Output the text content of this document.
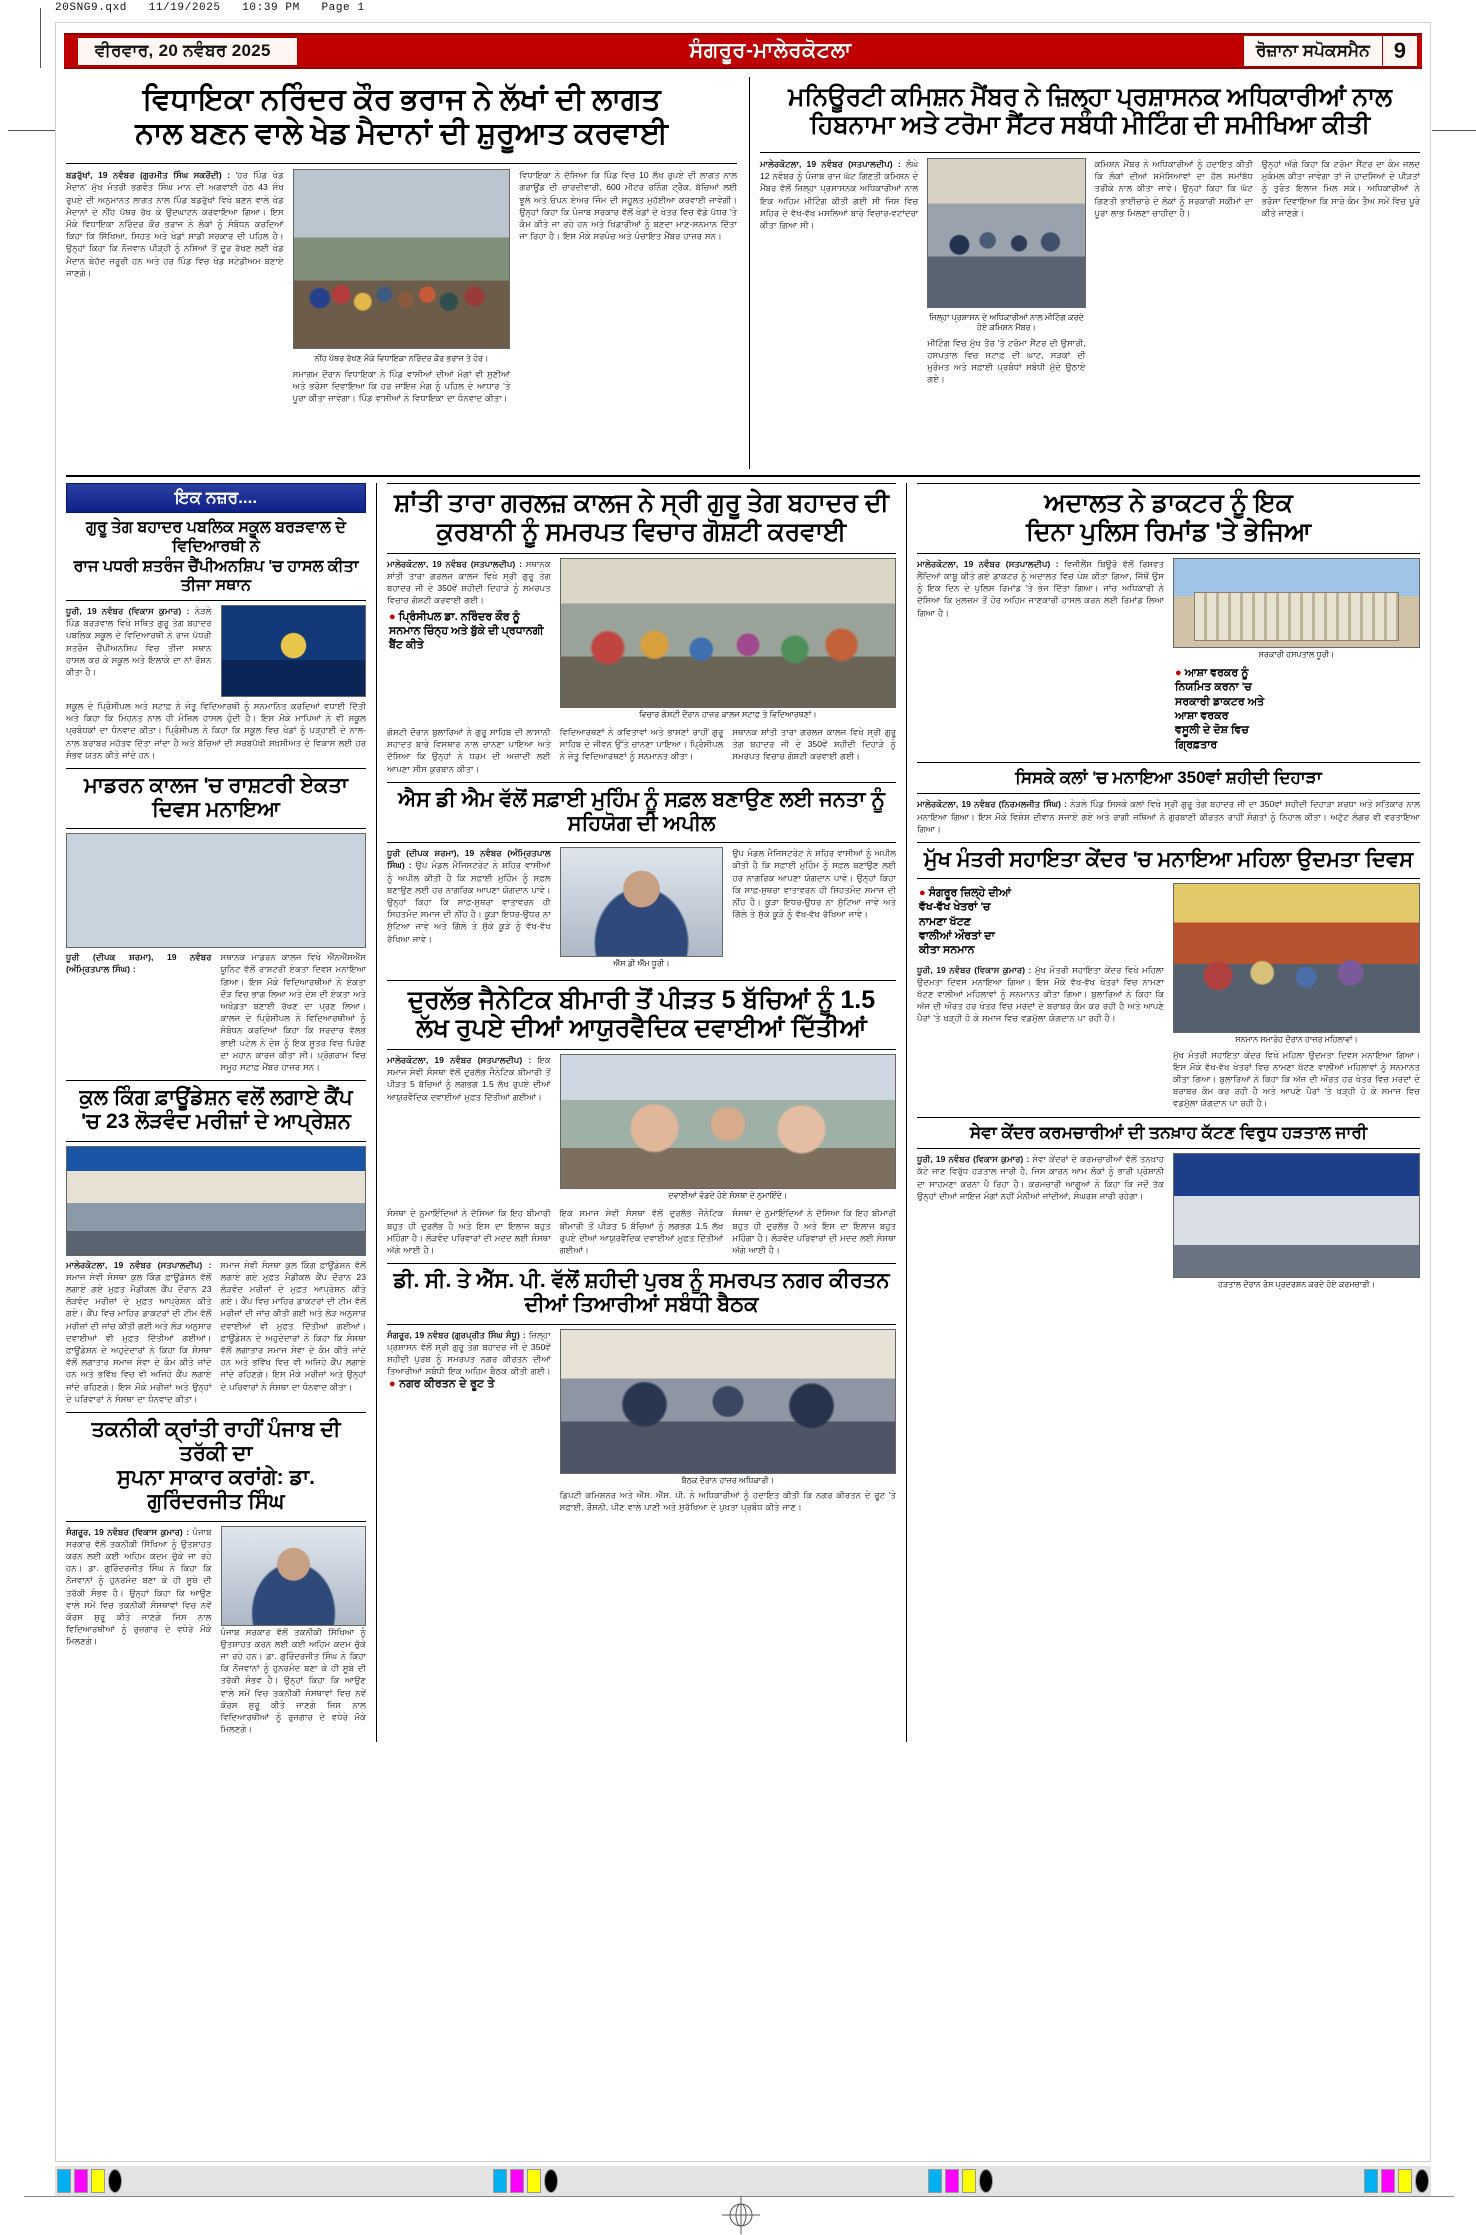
20SNG9.qxd   11/19/2025   10:39 PM   Page 1
ਵੀਰਵਾਰ, 20 ਨਵੰਬਰ 2025	ਸੰਗਰੂਰ-ਮਾਲੇਰਕੋਟਲਾ	ਰੋਜ਼ਾਨਾ ਸਪੋਕਸਮੈਨ	9
ਵਿਧਾਇਕਾ ਨਰਿੰਦਰ ਕੌਰ ਭਰਾਜ ਨੇ ਲੱਖਾਂ ਦੀ ਲਾਗਤ
ਨਾਲ ਬਣਨ ਵਾਲੇ ਖੇਡ ਮੈਦਾਨਾਂ ਦੀ ਸ਼ੁਰੂਆਤ ਕਰਵਾਈ
ਬਡਰੁੱਖਾਂ, 19 ਨਵੰਬਰ (ਗੁਰਮੀਤ ਸਿੰਘ ਸਕਰੌਦੀ) : 'ਹਰ ਪਿੰਡ ਖੇਡ ਮੈਦਾਨ' ਮੁੱਖ ਮੰਤਰੀ ਭਗਵੰਤ ਸਿੰਘ ਮਾਨ ਦੀ ਅਗਵਾਈ ਹੇਠ 43 ਸੰਖ ਰੁਪਏ ਦੀ ਅਨੁਮਾਨਤ ਲਾਗਤ ਨਾਲ ਪਿੰਡ ਬਡਰੁੱਖਾਂ ਵਿਖੇ ਬਣਨ ਵਾਲੇ ਖੇਡ ਮੈਦਾਨਾਂ ਦੇ ਨੀਂਹ ਪੱਥਰ ਰੱਖ ਕੇ ਉਦਘਾਟਨ ਕਰਵਾਇਆ ਗਿਆ। ਇਸ ਮੌਕੇ ਵਿਧਾਇਕਾ ਨਰਿੰਦਰ ਕੌਰ ਭਰਾਜ ਨੇ ਲੋਕਾਂ ਨੂੰ ਸੰਬੋਧਨ ਕਰਦਿਆਂ ਕਿਹਾ ਕਿ ਸਿੱਖਿਆ, ਸਿਹਤ ਅਤੇ ਖੇਡਾਂ ਸਾਡੀ ਸਰਕਾਰ ਦੀ ਪਹਿਲ ਹੈ। ਉਨ੍ਹਾਂ ਕਿਹਾ ਕਿ ਨੌਜਵਾਨ ਪੀੜ੍ਹੀ ਨੂੰ ਨਸ਼ਿਆਂ ਤੋਂ ਦੂਰ ਰੱਖਣ ਲਈ ਖੇਡ ਮੈਦਾਨ ਬੇਹੱਦ ਜ਼ਰੂਰੀ ਹਨ ਅਤੇ ਹਰ ਪਿੰਡ ਵਿਚ ਖੇਡ ਸਟੇਡੀਅਮ ਬਣਾਏ ਜਾਣਗੇ।
ਨੀਂਹ ਪੱਥਰ ਰੱਖਣ ਮੌਕੇ ਵਿਧਾਇਕਾ ਨਰਿੰਦਰ ਕੌਰ ਭਰਾਜ ਤੇ ਹੋਰ।
ਸਮਾਗਮ ਦੌਰਾਨ ਵਿਧਾਇਕਾ ਨੇ ਪਿੰਡ ਵਾਸੀਆਂ ਦੀਆਂ ਮੰਗਾਂ ਵੀ ਸੁਣੀਆਂ ਅਤੇ ਭਰੋਸਾ ਦਿਵਾਇਆ ਕਿ ਹਰ ਜਾਇਜ਼ ਮੰਗ ਨੂੰ ਪਹਿਲ ਦੇ ਆਧਾਰ 'ਤੇ ਪੂਰਾ ਕੀਤਾ ਜਾਵੇਗਾ। ਪਿੰਡ ਵਾਸੀਆਂ ਨੇ ਵਿਧਾਇਕਾ ਦਾ ਧੰਨਵਾਦ ਕੀਤਾ।
ਵਿਧਾਇਕਾ ਨੇ ਦੱਸਿਆ ਕਿ ਪਿੰਡ ਵਿਚ 10 ਲੱਖ ਰੁਪਏ ਦੀ ਲਾਗਤ ਨਾਲ ਗਰਾਊਂਡ ਦੀ ਚਾਰਦੀਵਾਰੀ, 600 ਮੀਟਰ ਰਨਿੰਗ ਟ੍ਰੈਕ, ਬੱਚਿਆਂ ਲਈ ਝੂਲੇ ਅਤੇ ਓਪਨ ਏਅਰ ਜਿੰਮ ਦੀ ਸਹੂਲਤ ਮੁਹੱਈਆ ਕਰਵਾਈ ਜਾਵੇਗੀ। ਉਨ੍ਹਾਂ ਕਿਹਾ ਕਿ ਪੰਜਾਬ ਸਰਕਾਰ ਵੱਲੋਂ ਖੇਡਾਂ ਦੇ ਖੇਤਰ ਵਿਚ ਵੱਡੇ ਪੱਧਰ 'ਤੇ ਕੰਮ ਕੀਤੇ ਜਾ ਰਹੇ ਹਨ ਅਤੇ ਖਿਡਾਰੀਆਂ ਨੂੰ ਬਣਦਾ ਮਾਣ-ਸਨਮਾਨ ਦਿੱਤਾ ਜਾ ਰਿਹਾ ਹੈ। ਇਸ ਮੌਕੇ ਸਰਪੰਚ ਅਤੇ ਪੰਚਾਇਤ ਮੈਂਬਰ ਹਾਜ਼ਰ ਸਨ।
ਮਨਿਊਰਟੀ ਕਮਿਸ਼ਨ ਮੈਂਬਰ ਨੇ ਜ਼ਿਲ੍ਹਾ ਪ੍ਰਸ਼ਾਸਨਕ ਅਧਿਕਾਰੀਆਂ ਨਾਲ
ਹਿਬਨਾਮਾ ਅਤੇ ਟਰੋਮਾ ਸੈਂਟਰ ਸਬੰਧੀ ਮੀਟਿੰਗ ਦੀ ਸਮੀਖਿਆ ਕੀਤੀ
ਮਾਲੇਰਕੋਟਲਾ, 19 ਨਵੰਬਰ (ਸਤਪਾਲਦੀਪ) : ਲੰਘੇ 12 ਨਵੰਬਰ ਨੂੰ ਪੰਜਾਬ ਰਾਜ ਘੱਟ ਗਿਣਤੀ ਕਮਿਸ਼ਨ ਦੇ ਮੈਂਬਰ ਵੱਲੋਂ ਜ਼ਿਲ੍ਹਾ ਪ੍ਰਸ਼ਾਸਨਕ ਅਧਿਕਾਰੀਆਂ ਨਾਲ ਇਕ ਅਹਿਮ ਮੀਟਿੰਗ ਕੀਤੀ ਗਈ ਸੀ ਜਿਸ ਵਿਚ ਸ਼ਹਿਰ ਦੇ ਵੱਖ-ਵੱਖ ਮਸਲਿਆਂ ਬਾਰੇ ਵਿਚਾਰ-ਵਟਾਂਦਰਾ ਕੀਤਾ ਗਿਆ ਸੀ।
ਜ਼ਿਲ੍ਹਾ ਪ੍ਰਸ਼ਾਸਨ ਦੇ ਅਧਿਕਾਰੀਆਂ ਨਾਲ ਮੀਟਿੰਗ ਕਰਦੇ ਹੋਏ ਕਮਿਸ਼ਨ ਮੈਂਬਰ।
ਮੀਟਿੰਗ ਵਿਚ ਮੁੱਖ ਤੌਰ 'ਤੇ ਟਰੋਮਾ ਸੈਂਟਰ ਦੀ ਉਸਾਰੀ, ਹਸਪਤਾਲ ਵਿਚ ਸਟਾਫ਼ ਦੀ ਘਾਟ, ਸੜਕਾਂ ਦੀ ਮੁਰੰਮਤ ਅਤੇ ਸਫ਼ਾਈ ਪ੍ਰਬੰਧਾਂ ਸਬੰਧੀ ਮੁੱਦੇ ਉਠਾਏ ਗਏ।
ਕਮਿਸ਼ਨ ਮੈਂਬਰ ਨੇ ਅਧਿਕਾਰੀਆਂ ਨੂੰ ਹਦਾਇਤ ਕੀਤੀ ਕਿ ਲੋਕਾਂ ਦੀਆਂ ਸਮੱਸਿਆਵਾਂ ਦਾ ਹੱਲ ਸਮਾਂਬੱਧ ਤਰੀਕੇ ਨਾਲ ਕੀਤਾ ਜਾਵੇ। ਉਨ੍ਹਾਂ ਕਿਹਾ ਕਿ ਘੱਟ ਗਿਣਤੀ ਭਾਈਚਾਰੇ ਦੇ ਲੋਕਾਂ ਨੂੰ ਸਰਕਾਰੀ ਸਕੀਮਾਂ ਦਾ ਪੂਰਾ ਲਾਭ ਮਿਲਣਾ ਚਾਹੀਦਾ ਹੈ।
ਉਨ੍ਹਾਂ ਅੱਗੇ ਕਿਹਾ ਕਿ ਟਰੋਮਾ ਸੈਂਟਰ ਦਾ ਕੰਮ ਜਲਦ ਮੁਕੰਮਲ ਕੀਤਾ ਜਾਵੇਗਾ ਤਾਂ ਜੋ ਹਾਦਸਿਆਂ ਦੇ ਪੀੜਤਾਂ ਨੂੰ ਤੁਰੰਤ ਇਲਾਜ ਮਿਲ ਸਕੇ। ਅਧਿਕਾਰੀਆਂ ਨੇ ਭਰੋਸਾ ਦਿਵਾਇਆ ਕਿ ਸਾਰੇ ਕੰਮ ਤੈਅ ਸਮੇਂ ਵਿਚ ਪੂਰੇ ਕੀਤੇ ਜਾਣਗੇ।
ਇਕ ਨਜ਼ਰ....
ਗੁਰੂ ਤੇਗ ਬਹਾਦਰ ਪਬਲਿਕ ਸਕੂਲ ਬਰੜਵਾਲ ਦੇ ਵਿਦਿਆਰਥੀ ਨੇ
ਰਾਜ ਪਧਰੀ ਸ਼ਤਰੰਜ ਚੈਂਪੀਅਨਸ਼ਿਪ 'ਚ ਹਾਸਲ ਕੀਤਾ ਤੀਜਾ ਸਥਾਨ
ਧੂਰੀ, 19 ਨਵੰਬਰ (ਵਿਕਾਸ ਕੁਮਾਰ) : ਨੇੜਲੇ ਪਿੰਡ ਬਰੜਵਾਲ ਵਿਖੇ ਸਥਿਤ ਗੁਰੂ ਤੇਗ ਬਹਾਦਰ ਪਬਲਿਕ ਸਕੂਲ ਦੇ ਵਿਦਿਆਰਥੀ ਨੇ ਰਾਜ ਪੱਧਰੀ ਸ਼ਤਰੰਜ ਚੈਂਪੀਅਨਸ਼ਿਪ ਵਿਚ ਤੀਜਾ ਸਥਾਨ ਹਾਸਲ ਕਰ ਕੇ ਸਕੂਲ ਅਤੇ ਇਲਾਕੇ ਦਾ ਨਾਂ ਰੌਸ਼ਨ ਕੀਤਾ ਹੈ।
ਸਕੂਲ ਦੇ ਪ੍ਰਿੰਸੀਪਲ ਅਤੇ ਸਟਾਫ਼ ਨੇ ਜੇਤੂ ਵਿਦਿਆਰਥੀ ਨੂੰ ਸਨਮਾਨਿਤ ਕਰਦਿਆਂ ਵਧਾਈ ਦਿੱਤੀ ਅਤੇ ਕਿਹਾ ਕਿ ਮਿਹਨਤ ਨਾਲ ਹੀ ਮੰਜ਼ਿਲ ਹਾਸਲ ਹੁੰਦੀ ਹੈ। ਇਸ ਮੌਕੇ ਮਾਪਿਆਂ ਨੇ ਵੀ ਸਕੂਲ ਪ੍ਰਬੰਧਕਾਂ ਦਾ ਧੰਨਵਾਦ ਕੀਤਾ। ਪ੍ਰਿੰਸੀਪਲ ਨੇ ਕਿਹਾ ਕਿ ਸਕੂਲ ਵਿਚ ਖੇਡਾਂ ਨੂੰ ਪੜ੍ਹਾਈ ਦੇ ਨਾਲ-ਨਾਲ ਬਰਾਬਰ ਮਹੱਤਵ ਦਿੱਤਾ ਜਾਂਦਾ ਹੈ ਅਤੇ ਬੱਚਿਆਂ ਦੀ ਸਰਬਪੱਖੀ ਸ਼ਖ਼ਸੀਅਤ ਦੇ ਵਿਕਾਸ ਲਈ ਹਰ ਸੰਭਵ ਯਤਨ ਕੀਤੇ ਜਾਂਦੇ ਹਨ।
ਮਾਡਰਨ ਕਾਲਜ 'ਚ ਰਾਸ਼ਟਰੀ ਏਕਤਾ ਦਿਵਸ ਮਨਾਇਆ
ਧੂਰੀ (ਦੀਪਕ ਸ਼ਰਮਾ), 19 ਨਵੰਬਰ (ਅੰਮ੍ਰਿਤਪਾਲ ਸਿੰਘ) :
ਸਥਾਨਕ ਮਾਡਰਨ ਕਾਲਜ ਵਿਖੇ ਐੱਨਐੱਸਐੱਸ ਯੂਨਿਟ ਵੱਲੋਂ ਰਾਸ਼ਟਰੀ ਏਕਤਾ ਦਿਵਸ ਮਨਾਇਆ ਗਿਆ। ਇਸ ਮੌਕੇ ਵਿਦਿਆਰਥੀਆਂ ਨੇ ਏਕਤਾ ਦੌੜ ਵਿਚ ਭਾਗ ਲਿਆ ਅਤੇ ਦੇਸ਼ ਦੀ ਏਕਤਾ ਅਤੇ ਅਖੰਡਤਾ ਬਣਾਈ ਰੱਖਣ ਦਾ ਪ੍ਰਣ ਲਿਆ। ਕਾਲਜ ਦੇ ਪ੍ਰਿੰਸੀਪਲ ਨੇ ਵਿਦਿਆਰਥੀਆਂ ਨੂੰ ਸੰਬੋਧਨ ਕਰਦਿਆਂ ਕਿਹਾ ਕਿ ਸਰਦਾਰ ਵੱਲਭ ਭਾਈ ਪਟੇਲ ਨੇ ਦੇਸ਼ ਨੂੰ ਇਕ ਸੂਤਰ ਵਿਚ ਪਿਰੋਣ ਦਾ ਮਹਾਨ ਕਾਰਜ ਕੀਤਾ ਸੀ। ਪ੍ਰੋਗਰਾਮ ਵਿਚ ਸਮੂਹ ਸਟਾਫ਼ ਮੈਂਬਰ ਹਾਜ਼ਰ ਸਨ।
ਕੁਲ ਕਿੰਗ ਫ਼ਾਊਂਡੇਸ਼ਨ ਵਲੋਂ ਲਗਾਏ ਕੈਂਪ
'ਚ 23 ਲੋੜਵੰਦ ਮਰੀਜ਼ਾਂ ਦੇ ਆਪ੍ਰੇਸ਼ਨ
ਮਾਲੇਰਕੋਟਲਾ, 19 ਨਵੰਬਰ (ਸਤਪਾਲਦੀਪ) : ਸਮਾਜ ਸੇਵੀ ਸੰਸਥਾ ਕੁਲ ਕਿੰਗ ਫ਼ਾਊਂਡੇਸ਼ਨ ਵੱਲੋਂ ਲਗਾਏ ਗਏ ਮੁਫ਼ਤ ਮੈਡੀਕਲ ਕੈਂਪ ਦੌਰਾਨ 23 ਲੋੜਵੰਦ ਮਰੀਜ਼ਾਂ ਦੇ ਮੁਫ਼ਤ ਆਪ੍ਰੇਸ਼ਨ ਕੀਤੇ ਗਏ। ਕੈਂਪ ਵਿਚ ਮਾਹਿਰ ਡਾਕਟਰਾਂ ਦੀ ਟੀਮ ਵੱਲੋਂ ਮਰੀਜ਼ਾਂ ਦੀ ਜਾਂਚ ਕੀਤੀ ਗਈ ਅਤੇ ਲੋੜ ਅਨੁਸਾਰ ਦਵਾਈਆਂ ਵੀ ਮੁਫ਼ਤ ਦਿੱਤੀਆਂ ਗਈਆਂ। ਫ਼ਾਊਂਡੇਸ਼ਨ ਦੇ ਅਹੁਦੇਦਾਰਾਂ ਨੇ ਕਿਹਾ ਕਿ ਸੰਸਥਾ ਵੱਲੋਂ ਲਗਾਤਾਰ ਸਮਾਜ ਸੇਵਾ ਦੇ ਕੰਮ ਕੀਤੇ ਜਾਂਦੇ ਹਨ ਅਤੇ ਭਵਿੱਖ ਵਿਚ ਵੀ ਅਜਿਹੇ ਕੈਂਪ ਲਗਾਏ ਜਾਂਦੇ ਰਹਿਣਗੇ। ਇਸ ਮੌਕੇ ਮਰੀਜ਼ਾਂ ਅਤੇ ਉਨ੍ਹਾਂ ਦੇ ਪਰਿਵਾਰਾਂ ਨੇ ਸੰਸਥਾ ਦਾ ਧੰਨਵਾਦ ਕੀਤਾ।
ਸਮਾਜ ਸੇਵੀ ਸੰਸਥਾ ਕੁਲ ਕਿੰਗ ਫ਼ਾਊਂਡੇਸ਼ਨ ਵੱਲੋਂ ਲਗਾਏ ਗਏ ਮੁਫ਼ਤ ਮੈਡੀਕਲ ਕੈਂਪ ਦੌਰਾਨ 23 ਲੋੜਵੰਦ ਮਰੀਜ਼ਾਂ ਦੇ ਮੁਫ਼ਤ ਆਪ੍ਰੇਸ਼ਨ ਕੀਤੇ ਗਏ। ਕੈਂਪ ਵਿਚ ਮਾਹਿਰ ਡਾਕਟਰਾਂ ਦੀ ਟੀਮ ਵੱਲੋਂ ਮਰੀਜ਼ਾਂ ਦੀ ਜਾਂਚ ਕੀਤੀ ਗਈ ਅਤੇ ਲੋੜ ਅਨੁਸਾਰ ਦਵਾਈਆਂ ਵੀ ਮੁਫ਼ਤ ਦਿੱਤੀਆਂ ਗਈਆਂ। ਫ਼ਾਊਂਡੇਸ਼ਨ ਦੇ ਅਹੁਦੇਦਾਰਾਂ ਨੇ ਕਿਹਾ ਕਿ ਸੰਸਥਾ ਵੱਲੋਂ ਲਗਾਤਾਰ ਸਮਾਜ ਸੇਵਾ ਦੇ ਕੰਮ ਕੀਤੇ ਜਾਂਦੇ ਹਨ ਅਤੇ ਭਵਿੱਖ ਵਿਚ ਵੀ ਅਜਿਹੇ ਕੈਂਪ ਲਗਾਏ ਜਾਂਦੇ ਰਹਿਣਗੇ। ਇਸ ਮੌਕੇ ਮਰੀਜ਼ਾਂ ਅਤੇ ਉਨ੍ਹਾਂ ਦੇ ਪਰਿਵਾਰਾਂ ਨੇ ਸੰਸਥਾ ਦਾ ਧੰਨਵਾਦ ਕੀਤਾ।
ਤਕਨੀਕੀ ਕ੍ਰਾਂਤੀ ਰਾਹੀਂ ਪੰਜਾਬ ਦੀ ਤਰੱਕੀ ਦਾ
ਸੁਪਨਾ ਸਾਕਾਰ ਕਰਾਂਗੇ: ਡਾ. ਗੁਰਿੰਦਰਜੀਤ ਸਿੰਘ
ਸੰਗਰੂਰ, 19 ਨਵੰਬਰ (ਵਿਕਾਸ ਕੁਮਾਰ) : ਪੰਜਾਬ ਸਰਕਾਰ ਵੱਲੋਂ ਤਕਨੀਕੀ ਸਿੱਖਿਆ ਨੂੰ ਉਤਸ਼ਾਹਤ ਕਰਨ ਲਈ ਕਈ ਅਹਿਮ ਕਦਮ ਚੁੱਕੇ ਜਾ ਰਹੇ ਹਨ। ਡਾ. ਗੁਰਿੰਦਰਜੀਤ ਸਿੰਘ ਨੇ ਕਿਹਾ ਕਿ ਨੌਜਵਾਨਾਂ ਨੂੰ ਹੁਨਰਮੰਦ ਬਣਾ ਕੇ ਹੀ ਸੂਬੇ ਦੀ ਤਰੱਕੀ ਸੰਭਵ ਹੈ। ਉਨ੍ਹਾਂ ਕਿਹਾ ਕਿ ਆਉਣ ਵਾਲੇ ਸਮੇਂ ਵਿਚ ਤਕਨੀਕੀ ਸੰਸਥਾਵਾਂ ਵਿਚ ਨਵੇਂ ਕੋਰਸ ਸ਼ੁਰੂ ਕੀਤੇ ਜਾਣਗੇ ਜਿਸ ਨਾਲ ਵਿਦਿਆਰਥੀਆਂ ਨੂੰ ਰੁਜ਼ਗਾਰ ਦੇ ਵਧੇਰੇ ਮੌਕੇ ਮਿਲਣਗੇ।
ਪੰਜਾਬ ਸਰਕਾਰ ਵੱਲੋਂ ਤਕਨੀਕੀ ਸਿੱਖਿਆ ਨੂੰ ਉਤਸ਼ਾਹਤ ਕਰਨ ਲਈ ਕਈ ਅਹਿਮ ਕਦਮ ਚੁੱਕੇ ਜਾ ਰਹੇ ਹਨ। ਡਾ. ਗੁਰਿੰਦਰਜੀਤ ਸਿੰਘ ਨੇ ਕਿਹਾ ਕਿ ਨੌਜਵਾਨਾਂ ਨੂੰ ਹੁਨਰਮੰਦ ਬਣਾ ਕੇ ਹੀ ਸੂਬੇ ਦੀ ਤਰੱਕੀ ਸੰਭਵ ਹੈ। ਉਨ੍ਹਾਂ ਕਿਹਾ ਕਿ ਆਉਣ ਵਾਲੇ ਸਮੇਂ ਵਿਚ ਤਕਨੀਕੀ ਸੰਸਥਾਵਾਂ ਵਿਚ ਨਵੇਂ ਕੋਰਸ ਸ਼ੁਰੂ ਕੀਤੇ ਜਾਣਗੇ ਜਿਸ ਨਾਲ ਵਿਦਿਆਰਥੀਆਂ ਨੂੰ ਰੁਜ਼ਗਾਰ ਦੇ ਵਧੇਰੇ ਮੌਕੇ ਮਿਲਣਗੇ।
ਸ਼ਾਂਤੀ ਤਾਰਾ ਗਰਲਜ਼ ਕਾਲਜ ਨੇ ਸ੍ਰੀ ਗੁਰੂ ਤੇਗ ਬਹਾਦਰ ਦੀ ਕੁਰਬਾਨੀ ਨੂੰ ਸਮਰਪਤ ਵਿਚਾਰ ਗੋਸ਼ਟੀ ਕਰਵਾਈ
ਮਾਲੇਰਕੋਟਲਾ, 19 ਨਵੰਬਰ (ਸਤਪਾਲਦੀਪ) : ਸਥਾਨਕ ਸ਼ਾਂਤੀ ਤਾਰਾ ਗਰਲਜ਼ ਕਾਲਜ ਵਿਖੇ ਸ੍ਰੀ ਗੁਰੂ ਤੇਗ ਬਹਾਦਰ ਜੀ ਦੇ 350ਵੇਂ ਸ਼ਹੀਦੀ ਦਿਹਾੜੇ ਨੂੰ ਸਮਰਪਤ ਵਿਚਾਰ ਗੋਸ਼ਟੀ ਕਰਵਾਈ ਗਈ।
● ਪ੍ਰਿੰਸੀਪਲ ਡਾ. ਨਰਿੰਦਰ ਕੌਰ ਨੂੰ ਸਨਮਾਨ ਚਿੰਨ੍ਹ ਅਤੇ ਬੁੱਕੇ ਦੀ ਪ੍ਰਧਾਨਗੀ ਬੈਂਟ ਕੀਤੇ
ਵਿਚਾਰ ਗੋਸ਼ਟੀ ਦੌਰਾਨ ਹਾਜ਼ਰ ਕਾਲਜ ਸਟਾਫ਼ ਤੇ ਵਿਦਿਆਰਥਣਾਂ।
ਗੋਸ਼ਟੀ ਦੌਰਾਨ ਬੁਲਾਰਿਆਂ ਨੇ ਗੁਰੂ ਸਾਹਿਬ ਦੀ ਲਾਸਾਨੀ ਸ਼ਹਾਦਤ ਬਾਰੇ ਵਿਸਥਾਰ ਨਾਲ ਚਾਨਣਾ ਪਾਇਆ ਅਤੇ ਦੱਸਿਆ ਕਿ ਉਨ੍ਹਾਂ ਨੇ ਧਰਮ ਦੀ ਅਜ਼ਾਦੀ ਲਈ ਆਪਣਾ ਸੀਸ ਕੁਰਬਾਨ ਕੀਤਾ।
ਵਿਦਿਆਰਥਣਾਂ ਨੇ ਕਵਿਤਾਵਾਂ ਅਤੇ ਭਾਸ਼ਣਾਂ ਰਾਹੀਂ ਗੁਰੂ ਸਾਹਿਬ ਦੇ ਜੀਵਨ ਉੱਤੇ ਚਾਨਣਾ ਪਾਇਆ। ਪ੍ਰਿੰਸੀਪਲ ਨੇ ਜੇਤੂ ਵਿਦਿਆਰਥਣਾਂ ਨੂੰ ਸਨਮਾਨਤ ਕੀਤਾ।
ਸਥਾਨਕ ਸ਼ਾਂਤੀ ਤਾਰਾ ਗਰਲਜ਼ ਕਾਲਜ ਵਿਖੇ ਸ੍ਰੀ ਗੁਰੂ ਤੇਗ ਬਹਾਦਰ ਜੀ ਦੇ 350ਵੇਂ ਸ਼ਹੀਦੀ ਦਿਹਾੜੇ ਨੂੰ ਸਮਰਪਤ ਵਿਚਾਰ ਗੋਸ਼ਟੀ ਕਰਵਾਈ ਗਈ।
ਐਸ ਡੀ ਐਮ ਵੱਲੋਂ ਸਫ਼ਾਈ ਮੁਹਿੰਮ ਨੂੰ ਸਫ਼ਲ ਬਣਾਉਣ ਲਈ ਜਨਤਾ ਨੂੰ ਸਹਿਯੋਗ ਦੀ ਅਪੀਲ
ਧੂਰੀ (ਦੀਪਕ ਸ਼ਰਮਾ), 19 ਨਵੰਬਰ (ਅੰਮ੍ਰਿਤਪਾਲ ਸਿੰਘ) : ਉਪ ਮੰਡਲ ਮੈਜਿਸਟਰੇਟ ਨੇ ਸ਼ਹਿਰ ਵਾਸੀਆਂ ਨੂੰ ਅਪੀਲ ਕੀਤੀ ਹੈ ਕਿ ਸਫ਼ਾਈ ਮੁਹਿੰਮ ਨੂੰ ਸਫ਼ਲ ਬਣਾਉਣ ਲਈ ਹਰ ਨਾਗਰਿਕ ਆਪਣਾ ਯੋਗਦਾਨ ਪਾਵੇ। ਉਨ੍ਹਾਂ ਕਿਹਾ ਕਿ ਸਾਫ਼-ਸੁਥਰਾ ਵਾਤਾਵਰਨ ਹੀ ਸਿਹਤਮੰਦ ਸਮਾਜ ਦੀ ਨੀਂਹ ਹੈ। ਕੂੜਾ ਇਧਰ-ਉਧਰ ਨਾ ਸੁੱਟਿਆ ਜਾਵੇ ਅਤੇ ਗਿੱਲੇ ਤੇ ਸੁੱਕੇ ਕੂੜੇ ਨੂੰ ਵੱਖ-ਵੱਖ ਰੱਖਿਆ ਜਾਵੇ।
ਐੱਸ ਡੀ ਐੱਮ ਧੂਰੀ।
ਉਪ ਮੰਡਲ ਮੈਜਿਸਟਰੇਟ ਨੇ ਸ਼ਹਿਰ ਵਾਸੀਆਂ ਨੂੰ ਅਪੀਲ ਕੀਤੀ ਹੈ ਕਿ ਸਫ਼ਾਈ ਮੁਹਿੰਮ ਨੂੰ ਸਫ਼ਲ ਬਣਾਉਣ ਲਈ ਹਰ ਨਾਗਰਿਕ ਆਪਣਾ ਯੋਗਦਾਨ ਪਾਵੇ। ਉਨ੍ਹਾਂ ਕਿਹਾ ਕਿ ਸਾਫ਼-ਸੁਥਰਾ ਵਾਤਾਵਰਨ ਹੀ ਸਿਹਤਮੰਦ ਸਮਾਜ ਦੀ ਨੀਂਹ ਹੈ। ਕੂੜਾ ਇਧਰ-ਉਧਰ ਨਾ ਸੁੱਟਿਆ ਜਾਵੇ ਅਤੇ ਗਿੱਲੇ ਤੇ ਸੁੱਕੇ ਕੂੜੇ ਨੂੰ ਵੱਖ-ਵੱਖ ਰੱਖਿਆ ਜਾਵੇ।
ਦੁਰਲੱਭ ਜੈਨੇਟਿਕ ਬੀਮਾਰੀ ਤੋਂ ਪੀੜਤ 5 ਬੱਚਿਆਂ ਨੂੰ 1.5
ਲੱਖ ਰੁਪਏ ਦੀਆਂ ਆਯੁਰਵੈਦਿਕ ਦਵਾਈਆਂ ਦਿੱਤੀਆਂ
ਮਾਲੇਰਕੋਟਲਾ, 19 ਨਵੰਬਰ (ਸਤਪਾਲਦੀਪ) : ਇਕ ਸਮਾਜ ਸੇਵੀ ਸੰਸਥਾ ਵੱਲੋਂ ਦੁਰਲੱਭ ਜੈਨੇਟਿਕ ਬੀਮਾਰੀ ਤੋਂ ਪੀੜਤ 5 ਬੱਚਿਆਂ ਨੂੰ ਲਗਭਗ 1.5 ਲੱਖ ਰੁਪਏ ਦੀਆਂ ਆਯੁਰਵੈਦਿਕ ਦਵਾਈਆਂ ਮੁਫ਼ਤ ਦਿੱਤੀਆਂ ਗਈਆਂ।
ਦਵਾਈਆਂ ਵੰਡਦੇ ਹੋਏ ਸੰਸਥਾ ਦੇ ਨੁਮਾਇੰਦੇ।
ਸੰਸਥਾ ਦੇ ਨੁਮਾਇੰਦਿਆਂ ਨੇ ਦੱਸਿਆ ਕਿ ਇਹ ਬੀਮਾਰੀ ਬਹੁਤ ਹੀ ਦੁਰਲੱਭ ਹੈ ਅਤੇ ਇਸ ਦਾ ਇਲਾਜ ਬਹੁਤ ਮਹਿੰਗਾ ਹੈ। ਲੋੜਵੰਦ ਪਰਿਵਾਰਾਂ ਦੀ ਮਦਦ ਲਈ ਸੰਸਥਾ ਅੱਗੇ ਆਈ ਹੈ।
ਇਕ ਸਮਾਜ ਸੇਵੀ ਸੰਸਥਾ ਵੱਲੋਂ ਦੁਰਲੱਭ ਜੈਨੇਟਿਕ ਬੀਮਾਰੀ ਤੋਂ ਪੀੜਤ 5 ਬੱਚਿਆਂ ਨੂੰ ਲਗਭਗ 1.5 ਲੱਖ ਰੁਪਏ ਦੀਆਂ ਆਯੁਰਵੈਦਿਕ ਦਵਾਈਆਂ ਮੁਫ਼ਤ ਦਿੱਤੀਆਂ ਗਈਆਂ।
ਸੰਸਥਾ ਦੇ ਨੁਮਾਇੰਦਿਆਂ ਨੇ ਦੱਸਿਆ ਕਿ ਇਹ ਬੀਮਾਰੀ ਬਹੁਤ ਹੀ ਦੁਰਲੱਭ ਹੈ ਅਤੇ ਇਸ ਦਾ ਇਲਾਜ ਬਹੁਤ ਮਹਿੰਗਾ ਹੈ। ਲੋੜਵੰਦ ਪਰਿਵਾਰਾਂ ਦੀ ਮਦਦ ਲਈ ਸੰਸਥਾ ਅੱਗੇ ਆਈ ਹੈ।
ਡੀ. ਸੀ. ਤੇ ਐੱਸ. ਪੀ. ਵੱਲੋਂ ਸ਼ਹੀਦੀ ਪੁਰਬ ਨੂੰ ਸਮਰਪਤ ਨਗਰ ਕੀਰਤਨ ਦੀਆਂ ਤਿਆਰੀਆਂ ਸਬੰਧੀ ਬੈਠਕ
ਸੰਗਰੂਰ, 19 ਨਵੰਬਰ (ਗੁਰਪ੍ਰੀਤ ਸਿੰਘ ਸੰਧੂ) : ਜ਼ਿਲ੍ਹਾ ਪ੍ਰਸ਼ਾਸਨ ਵੱਲੋਂ ਸ੍ਰੀ ਗੁਰੂ ਤੇਗ ਬਹਾਦਰ ਜੀ ਦੇ 350ਵੇਂ ਸ਼ਹੀਦੀ ਪੁਰਬ ਨੂੰ ਸਮਰਪਤ ਨਗਰ ਕੀਰਤਨ ਦੀਆਂ ਤਿਆਰੀਆਂ ਸਬੰਧੀ ਇਕ ਅਹਿਮ ਬੈਠਕ ਕੀਤੀ ਗਈ। ● ਨਗਰ ਕੀਰਤਨ ਦੇ ਰੂਟ ਤੇ
ਬੈਠਕ ਦੌਰਾਨ ਹਾਜ਼ਰ ਅਧਿਕਾਰੀ।
ਡਿਪਟੀ ਕਮਿਸ਼ਨਰ ਅਤੇ ਐੱਸ. ਐੱਸ. ਪੀ. ਨੇ ਅਧਿਕਾਰੀਆਂ ਨੂੰ ਹਦਾਇਤ ਕੀਤੀ ਕਿ ਨਗਰ ਕੀਰਤਨ ਦੇ ਰੂਟ 'ਤੇ ਸਫ਼ਾਈ, ਰੌਸ਼ਨੀ, ਪੀਣ ਵਾਲੇ ਪਾਣੀ ਅਤੇ ਸੁਰੱਖਿਆ ਦੇ ਪੁਖ਼ਤਾ ਪ੍ਰਬੰਧ ਕੀਤੇ ਜਾਣ।
ਅਦਾਲਤ ਨੇ ਡਾਕਟਰ ਨੂੰ ਇਕ
ਦਿਨਾ ਪੁਲਿਸ ਰਿਮਾਂਡ 'ਤੇ ਭੇਜਿਆ
ਮਾਲੇਰਕੋਟਲਾ, 19 ਨਵੰਬਰ (ਸਤਪਾਲਦੀਪ) : ਵਿਜੀਲੈਂਸ ਬਿਊਰੋ ਵੱਲੋਂ ਰਿਸ਼ਵਤ ਲੈਂਦਿਆਂ ਕਾਬੂ ਕੀਤੇ ਗਏ ਡਾਕਟਰ ਨੂੰ ਅਦਾਲਤ ਵਿਚ ਪੇਸ਼ ਕੀਤਾ ਗਿਆ, ਜਿੱਥੋਂ ਉਸ ਨੂੰ ਇਕ ਦਿਨ ਦੇ ਪੁਲਿਸ ਰਿਮਾਂਡ 'ਤੇ ਭੇਜ ਦਿੱਤਾ ਗਿਆ। ਜਾਂਚ ਅਧਿਕਾਰੀ ਨੇ ਦੱਸਿਆ ਕਿ ਮੁਲਜ਼ਮ ਤੋਂ ਹੋਰ ਅਹਿਮ ਜਾਣਕਾਰੀ ਹਾਸਲ ਕਰਨ ਲਈ ਰਿਮਾਂਡ ਲਿਆ ਗਿਆ ਹੈ।
ਸਰਕਾਰੀ ਹਸਪਤਾਲ ਧੂਰੀ।
● ਆਸ਼ਾ ਵਰਕਰ ਨੂੰ
ਨਿਯਮਿਤ ਕਰਨਾ 'ਚ
ਸਰਕਾਰੀ ਡਾਕਟਰ ਅਤੇ
ਆਸ਼ਾ ਵਰਕਰ
ਵਸੂਲੀ ਦੇ ਦੋਸ਼ ਵਿਚ
ਗ੍ਰਿਫ਼ਤਾਰ
ਸਿਸਕੇ ਕਲਾਂ 'ਚ ਮਨਾਇਆ 350ਵਾਂ ਸ਼ਹੀਦੀ ਦਿਹਾੜਾ
ਮਾਲੇਰਕੋਟਲਾ, 19 ਨਵੰਬਰ (ਨਿਰਮਲਜੀਤ ਸਿੰਘ) : ਨੇੜਲੇ ਪਿੰਡ ਸਿਸਕੇ ਕਲਾਂ ਵਿਖੇ ਸ੍ਰੀ ਗੁਰੂ ਤੇਗ ਬਹਾਦਰ ਜੀ ਦਾ 350ਵਾਂ ਸ਼ਹੀਦੀ ਦਿਹਾੜਾ ਸ਼ਰਧਾ ਅਤੇ ਸਤਿਕਾਰ ਨਾਲ ਮਨਾਇਆ ਗਿਆ। ਇਸ ਮੌਕੇ ਵਿਸ਼ੇਸ਼ ਦੀਵਾਨ ਸਜਾਏ ਗਏ ਅਤੇ ਰਾਗੀ ਜਥਿਆਂ ਨੇ ਗੁਰਬਾਣੀ ਕੀਰਤਨ ਰਾਹੀਂ ਸੰਗਤਾਂ ਨੂੰ ਨਿਹਾਲ ਕੀਤਾ। ਅਟੁੱਟ ਲੰਗਰ ਵੀ ਵਰਤਾਇਆ ਗਿਆ।
ਮੁੱਖ ਮੰਤਰੀ ਸਹਾਇਤਾ ਕੇਂਦਰ 'ਚ ਮਨਾਇਆ ਮਹਿਲਾ ਉਦਮਤਾ ਦਿਵਸ
● ਸੰਗਰੂਰ ਜ਼ਿਲ੍ਹੇ ਦੀਆਂ
ਵੱਖ-ਵੱਖ ਖੇਤਰਾਂ 'ਚ
ਨਾਮਣਾ ਖੱਟਣ
ਵਾਲੀਆਂ ਔਰਤਾਂ ਦਾ
ਕੀਤਾ ਸਨਮਾਨ
ਧੂਰੀ, 19 ਨਵੰਬਰ (ਵਿਕਾਸ ਕੁਮਾਰ) : ਮੁੱਖ ਮੰਤਰੀ ਸਹਾਇਤਾ ਕੇਂਦਰ ਵਿਖੇ ਮਹਿਲਾ ਉਦਮਤਾ ਦਿਵਸ ਮਨਾਇਆ ਗਿਆ। ਇਸ ਮੌਕੇ ਵੱਖ-ਵੱਖ ਖੇਤਰਾਂ ਵਿਚ ਨਾਮਣਾ ਖੱਟਣ ਵਾਲੀਆਂ ਮਹਿਲਾਵਾਂ ਨੂੰ ਸਨਮਾਨਤ ਕੀਤਾ ਗਿਆ। ਬੁਲਾਰਿਆਂ ਨੇ ਕਿਹਾ ਕਿ ਅੱਜ ਦੀ ਔਰਤ ਹਰ ਖੇਤਰ ਵਿਚ ਮਰਦਾਂ ਦੇ ਬਰਾਬਰ ਕੰਮ ਕਰ ਰਹੀ ਹੈ ਅਤੇ ਆਪਣੇ ਪੈਰਾਂ 'ਤੇ ਖੜ੍ਹੀ ਹੋ ਕੇ ਸਮਾਜ ਵਿਚ ਵਡਮੁੱਲਾ ਯੋਗਦਾਨ ਪਾ ਰਹੀ ਹੈ।
ਸਨਮਾਨ ਸਮਾਰੋਹ ਦੌਰਾਨ ਹਾਜ਼ਰ ਮਹਿਲਾਵਾਂ।
ਮੁੱਖ ਮੰਤਰੀ ਸਹਾਇਤਾ ਕੇਂਦਰ ਵਿਖੇ ਮਹਿਲਾ ਉਦਮਤਾ ਦਿਵਸ ਮਨਾਇਆ ਗਿਆ। ਇਸ ਮੌਕੇ ਵੱਖ-ਵੱਖ ਖੇਤਰਾਂ ਵਿਚ ਨਾਮਣਾ ਖੱਟਣ ਵਾਲੀਆਂ ਮਹਿਲਾਵਾਂ ਨੂੰ ਸਨਮਾਨਤ ਕੀਤਾ ਗਿਆ। ਬੁਲਾਰਿਆਂ ਨੇ ਕਿਹਾ ਕਿ ਅੱਜ ਦੀ ਔਰਤ ਹਰ ਖੇਤਰ ਵਿਚ ਮਰਦਾਂ ਦੇ ਬਰਾਬਰ ਕੰਮ ਕਰ ਰਹੀ ਹੈ ਅਤੇ ਆਪਣੇ ਪੈਰਾਂ 'ਤੇ ਖੜ੍ਹੀ ਹੋ ਕੇ ਸਮਾਜ ਵਿਚ ਵਡਮੁੱਲਾ ਯੋਗਦਾਨ ਪਾ ਰਹੀ ਹੈ।
ਸੇਵਾ ਕੇਂਦਰ ਕਰਮਚਾਰੀਆਂ ਦੀ ਤਨਖ਼ਾਹ ਕੱਟਣ ਵਿਰੁਧ ਹੜਤਾਲ ਜਾਰੀ
ਧੂਰੀ, 19 ਨਵੰਬਰ (ਵਿਕਾਸ ਕੁਮਾਰ) : ਸੇਵਾ ਕੇਂਦਰਾਂ ਦੇ ਕਰਮਚਾਰੀਆਂ ਵੱਲੋਂ ਤਨਖ਼ਾਹ ਕੱਟੇ ਜਾਣ ਵਿਰੁੱਧ ਹੜਤਾਲ ਜਾਰੀ ਹੈ, ਜਿਸ ਕਾਰਨ ਆਮ ਲੋਕਾਂ ਨੂੰ ਭਾਰੀ ਪ੍ਰੇਸ਼ਾਨੀ ਦਾ ਸਾਹਮਣਾ ਕਰਨਾ ਪੈ ਰਿਹਾ ਹੈ। ਕਰਮਚਾਰੀ ਆਗੂਆਂ ਨੇ ਕਿਹਾ ਕਿ ਜਦੋਂ ਤੱਕ ਉਨ੍ਹਾਂ ਦੀਆਂ ਜਾਇਜ਼ ਮੰਗਾਂ ਨਹੀਂ ਮੰਨੀਆਂ ਜਾਂਦੀਆਂ, ਸੰਘਰਸ਼ ਜਾਰੀ ਰਹੇਗਾ।
ਹੜਤਾਲ ਦੌਰਾਨ ਰੋਸ ਪ੍ਰਦਰਸ਼ਨ ਕਰਦੇ ਹੋਏ ਕਰਮਚਾਰੀ।
